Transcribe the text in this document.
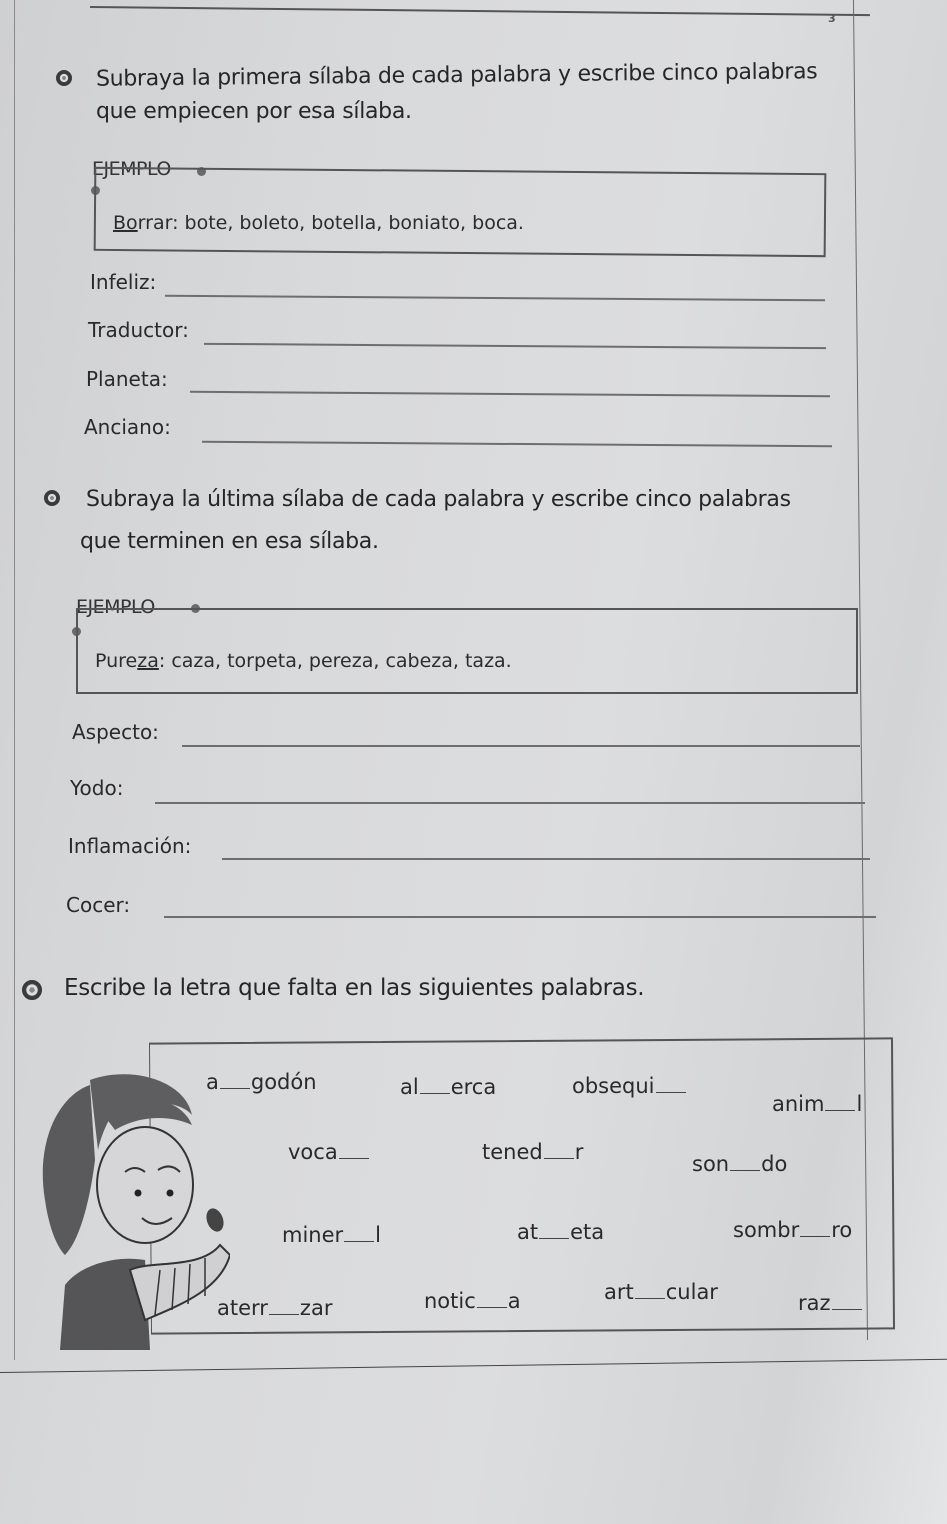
3
Subraya la primera sílaba de cada palabra y escribe cinco palabras
que empiecen por esa sílaba.
EJEMPLO
Borrar: bote, boleto, botella, boniato, boca.
Infeliz:
Traductor:
Planeta:
Anciano:
Subraya la última sílaba de cada palabra y escribe cinco palabras
que terminen en esa sílaba.
EJEMPLO
Pureza: caza, torpeta, pereza, cabeza, taza.
Aspecto:
Yodo:
Inflamación:
Cocer:
Escribe la letra que falta en las siguientes palabras.
a godón	al erca	obsequi
anim l
voca	tened r	son do
miner l	at eta	sombr ro
aterr zar	notic a	art cular	raz
